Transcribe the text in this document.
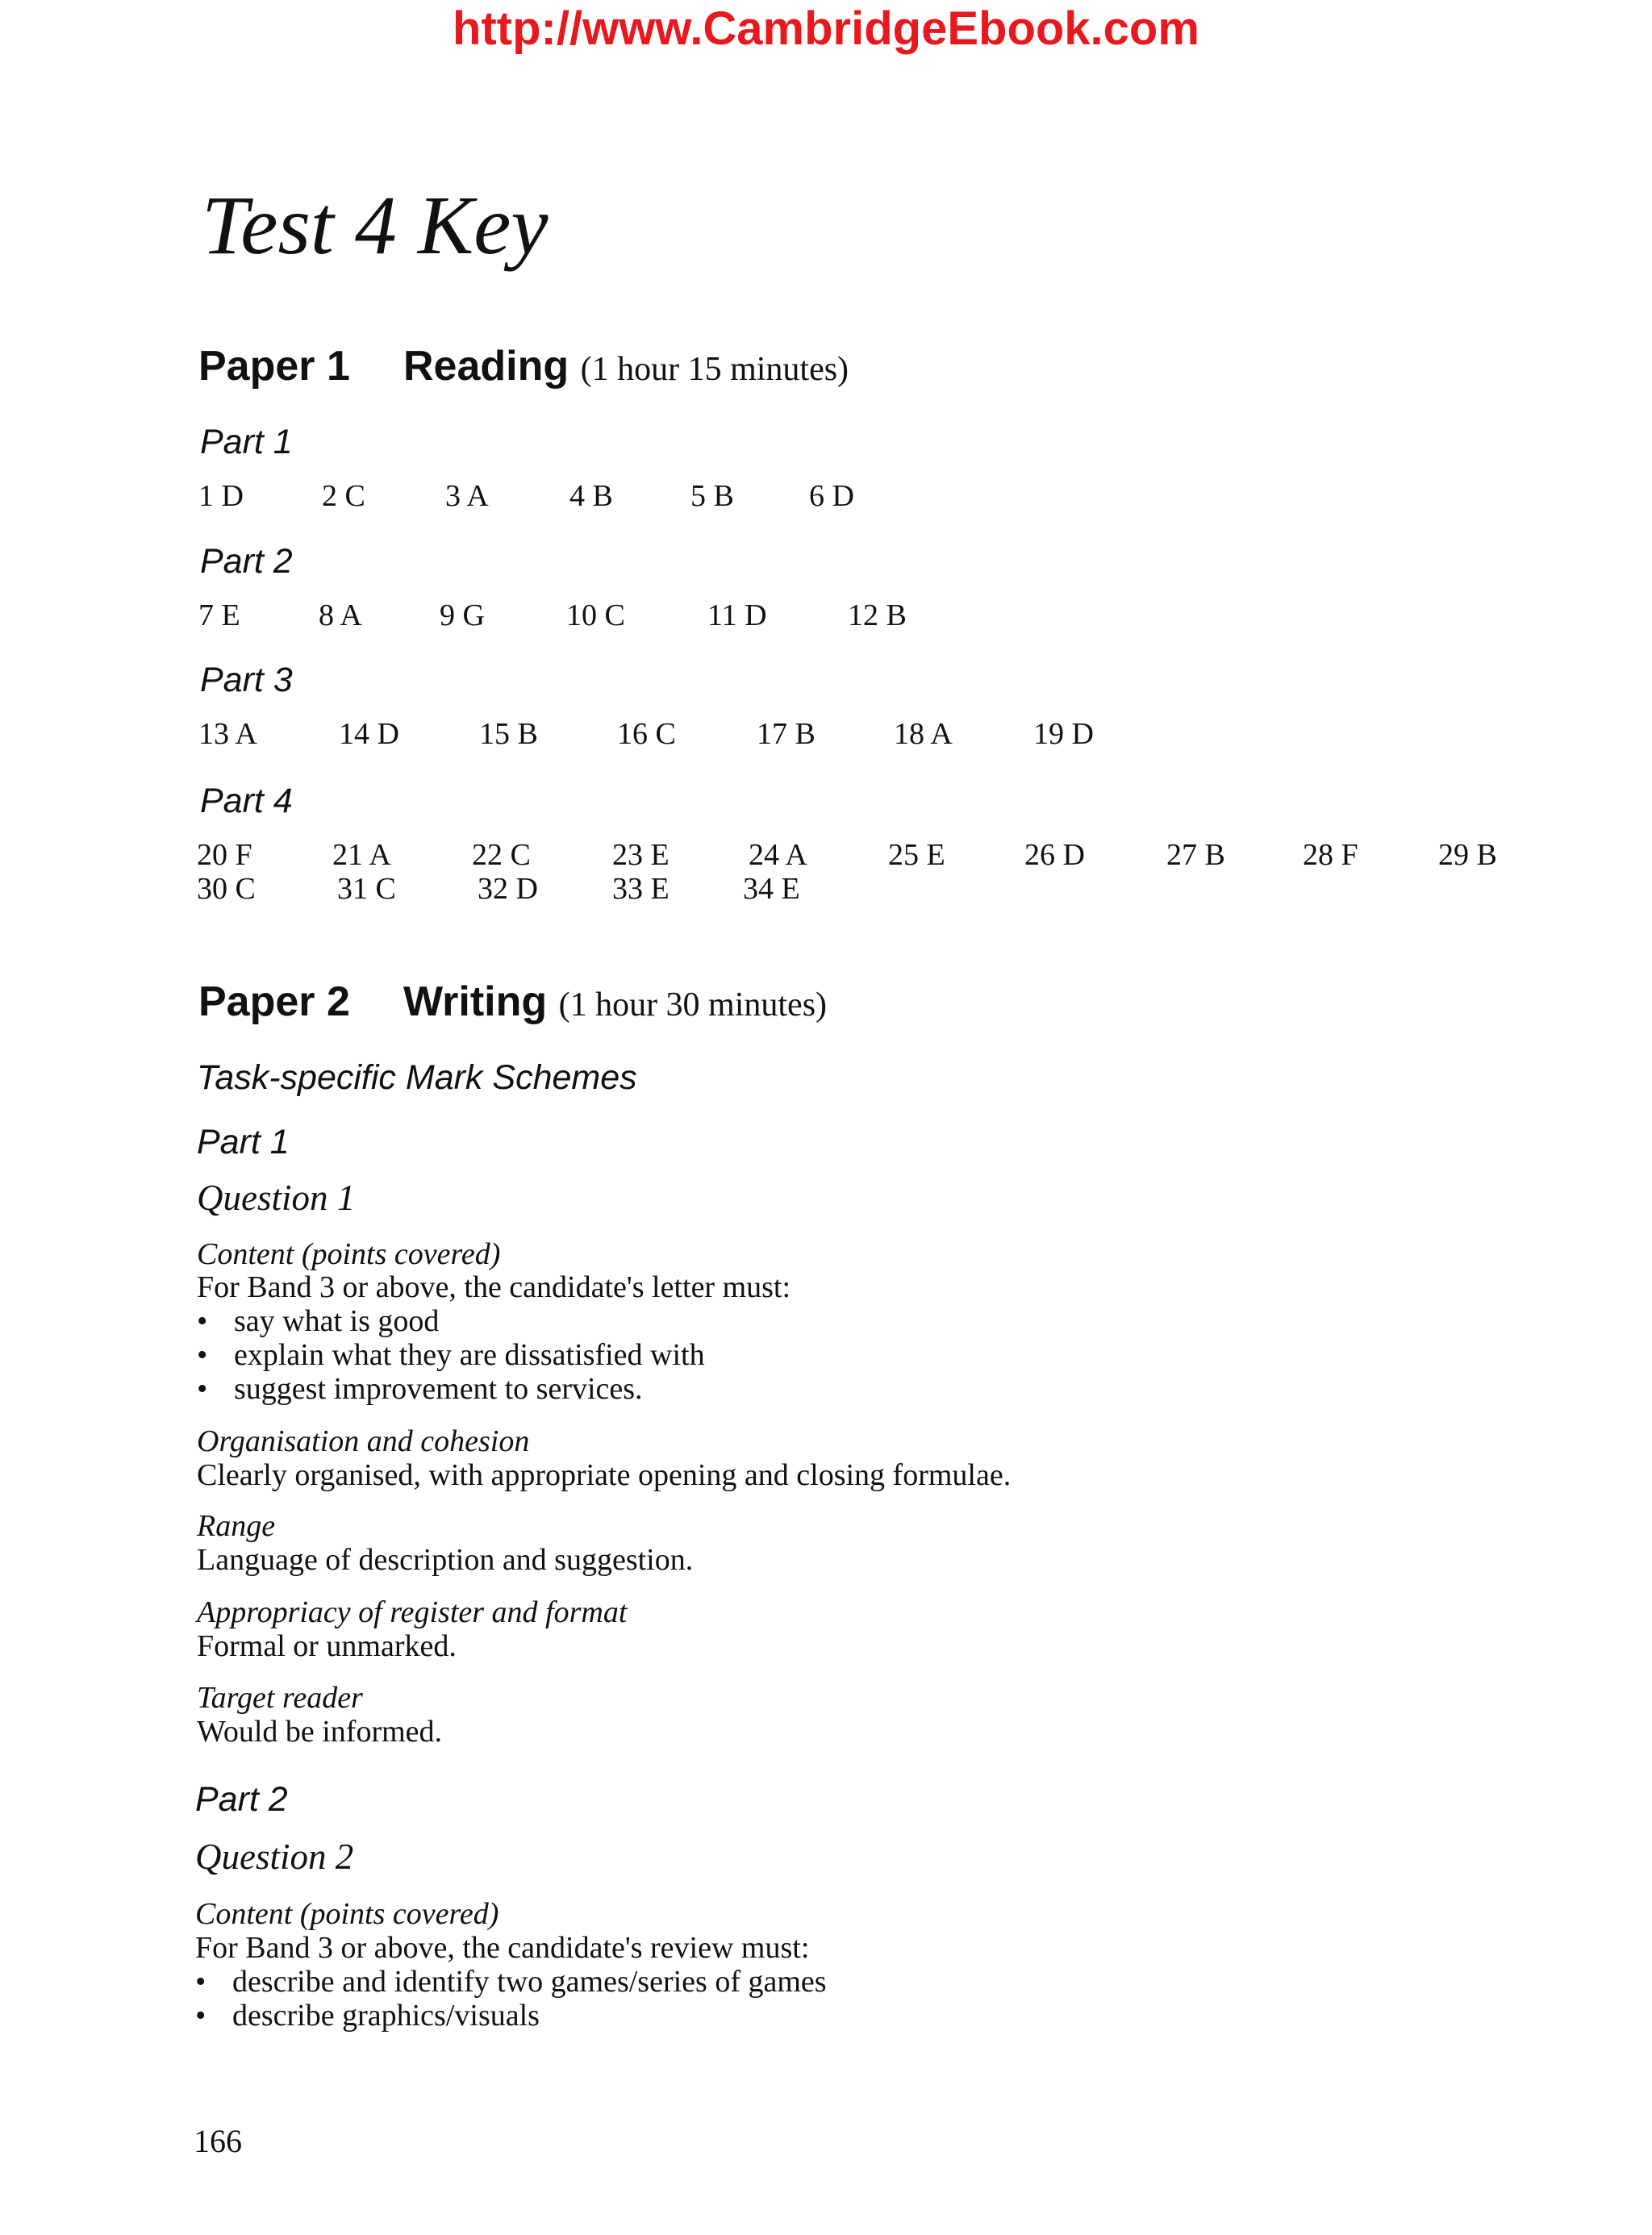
http://www.CambridgeEbook.com
Test 4 Key
Paper 1 Reading (1 hour 15 minutes)
Part 1
1 D	2 C	3 A	4 B	5 B 6 D
Part 2
7 E	8 A	9 G	10 C	11 D	12 B
Part 3
13 A	14 D	15 B	16 C	17 B	18 A	19 D
Part 4
20 F	21 A	22 C	23 E	24 A	25 E	26 D	27 B	28 F	29 B
30 C	31 C	32 D 33 E 34 E
Paper 2 Writing (1 hour 30 minutes)
Task-specific Mark Schemes
Part 1
Question 1
Content (points covered)
For Band 3 or above, the candidate's letter must:
• say what is good
• explain what they are dissatisfied with
• suggest improvement to services.
Organisation and cohesion
Clearly organised, with appropriate opening and closing formulae.
Range
Language of description and suggestion.
Appropriacy of register and format
Formal or unmarked.
Target reader
Would be informed.
Part 2
Question 2
Content (points covered)
For Band 3 or above, the candidate's review must:
• describe and identify two games/series of games
• describe graphics/visuals
166
